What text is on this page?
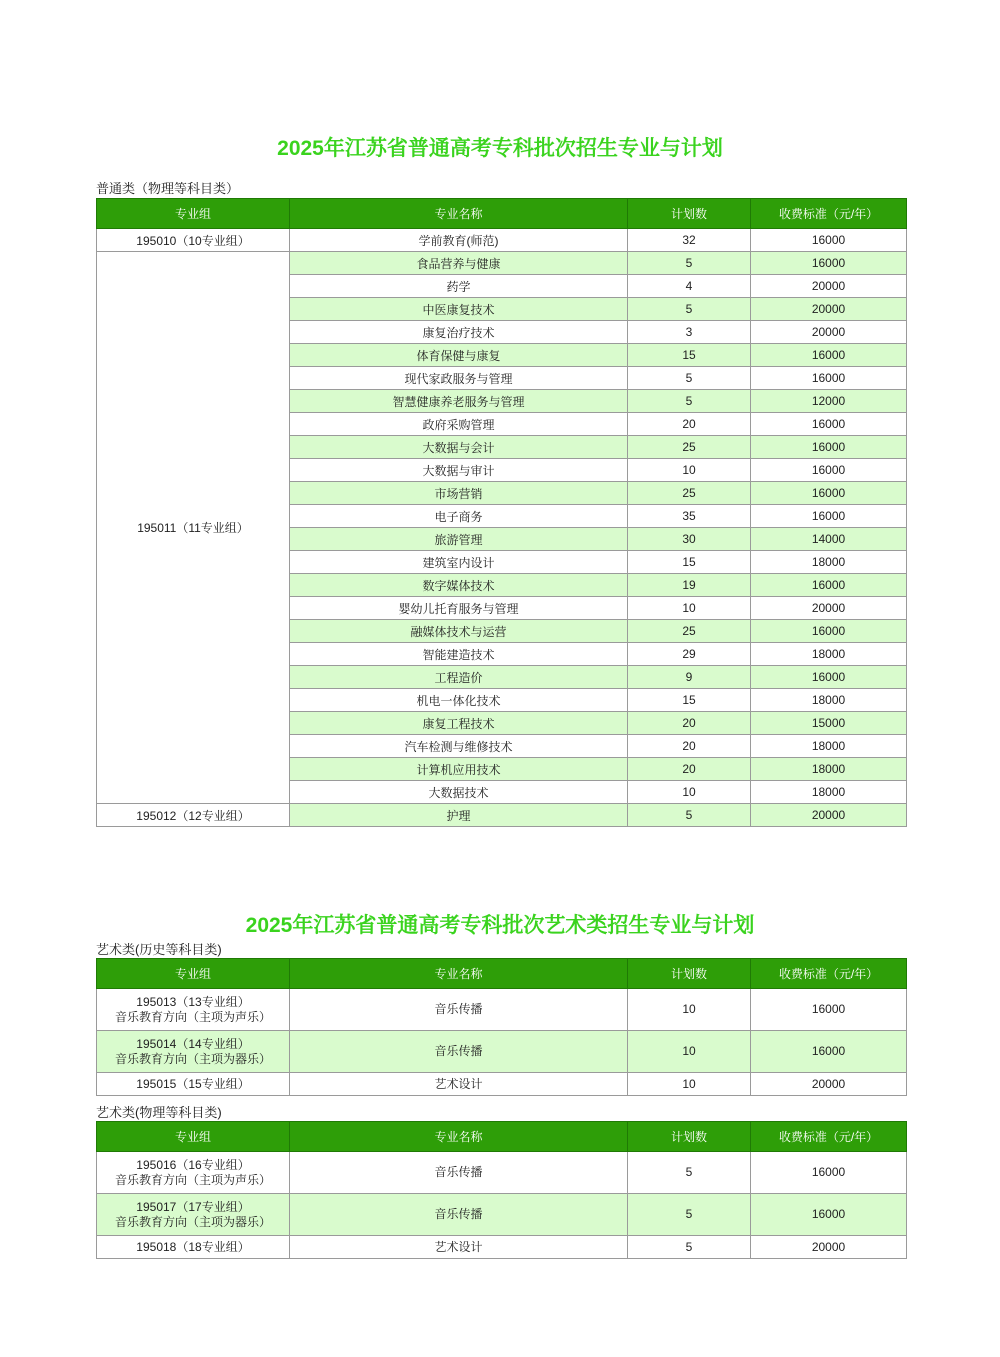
2025年江苏省普通高考专科批次招生专业与计划
普通类（物理等科目类）
专业组	专业名称	计划数	收费标准（元/年）
195010（10专业组）	学前教育(师范)	32	16000
195011（11专业组）	食品营养与健康	5	16000
	药学	4	20000
	中医康复技术	5	20000
	康复治疗技术	3	20000
	体育保健与康复	15	16000
	现代家政服务与管理	5	16000
	智慧健康养老服务与管理	5	12000
	政府采购管理	20	16000
	大数据与会计	25	16000
	大数据与审计	10	16000
	市场营销	25	16000
	电子商务	35	16000
	旅游管理	30	14000
	建筑室内设计	15	18000
	数字媒体技术	19	16000
	婴幼儿托育服务与管理	10	20000
	融媒体技术与运营	25	16000
	智能建造技术	29	18000
	工程造价	9	16000
	机电一体化技术	15	18000
	康复工程技术	20	15000
	汽车检测与维修技术	20	18000
	计算机应用技术	20	18000
	大数据技术	10	18000
195012（12专业组）	护理	5	20000
2025年江苏省普通高考专科批次艺术类招生专业与计划
艺术类(历史等科目类)
专业组	专业名称	计划数	收费标准（元/年）

195013（13专业组）
音乐教育方向（主项为声乐）	音乐传播	10	16000

195014（14专业组）
音乐教育方向（主项为器乐）	音乐传播	10	16000

195015（15专业组）	艺术设计	10	20000
艺术类(物理等科目类)
专业组	专业名称	计划数	收费标准（元/年）

195016（16专业组）
音乐教育方向（主项为声乐）	音乐传播	5	16000

195017（17专业组）
音乐教育方向（主项为器乐）	音乐传播	5	16000

195018（18专业组）	艺术设计	5	20000
